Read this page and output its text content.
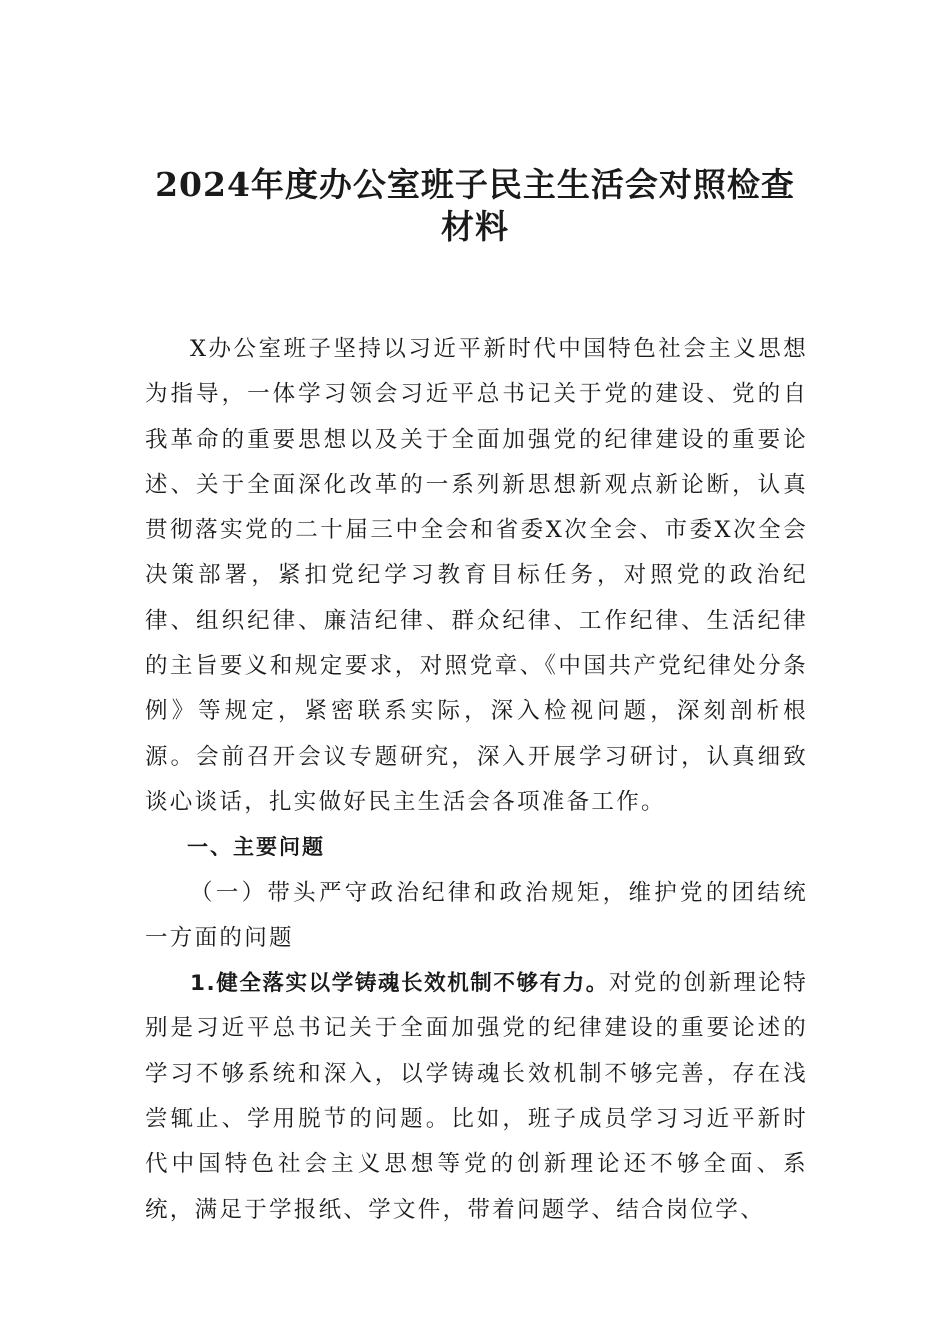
2024年度办公室班子民主生活会对照检查
材料

X办公室班子坚持以习近平新时代中国特色社会主义思想为指导，一体学习领会习近平总书记关于党的建设、党的自我革命的重要思想以及关于全面加强党的纪律建设的重要论述、关于全面深化改革的一系列新思想新观点新论断，认真贯彻落实党的二十届三中全会和省委X次全会、市委X次全会决策部署，紧扣党纪学习教育目标任务，对照党的政治纪律、组织纪律、廉洁纪律、群众纪律、工作纪律、生活纪律的主旨要义和规定要求，对照党章、《中国共产党纪律处分条例》等规定，紧密联系实际，深入检视问题，深刻剖析根源。会前召开会议专题研究，深入开展学习研讨，认真细致谈心谈话，扎实做好民主生活会各项准备工作。

一、主要问题

（一）带头严守政治纪律和政治规矩，维护党的团结统一方面的问题

1.健全落实以学铸魂长效机制不够有力。对党的创新理论特别是习近平总书记关于全面加强党的纪律建设的重要论述的学习不够系统和深入，以学铸魂长效机制不够完善，存在浅尝辄止、学用脱节的问题。比如，班子成员学习习近平新时代中国特色社会主义思想等党的创新理论还不够全面、系统，满足于学报纸、学文件，带着问题学、结合岗位学、
